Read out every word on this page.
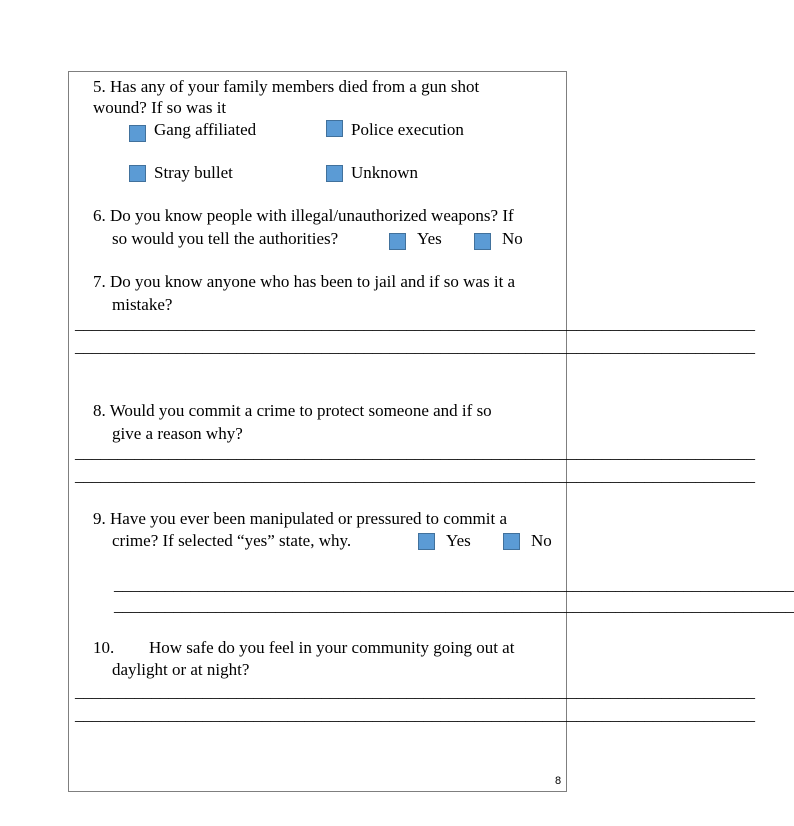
5. Has any of your family members died from a gun shot
wound? If so was it
Gang affiliated	Police execution
Stray bullet	Unknown
6. Do you know people with illegal/unauthorized weapons? If
so would you tell the authorities?	Yes	No
7. Do you know anyone who has been to jail and if so was it a
mistake?
________________________________________________________________________________
________________________________________________________________________________
8. Would you commit a crime to protect someone and if so
give a reason why?
________________________________________________________________________________
________________________________________________________________________________
9. Have you ever been manipulated or pressured to commit a
crime? If selected “yes” state, why.	Yes	No
________________________________________________________________________________
________________________________________________________________________________
10. How safe do you feel in your community going out at
daylight or at night?
________________________________________________________________________________
________________________________________________________________________________
8
